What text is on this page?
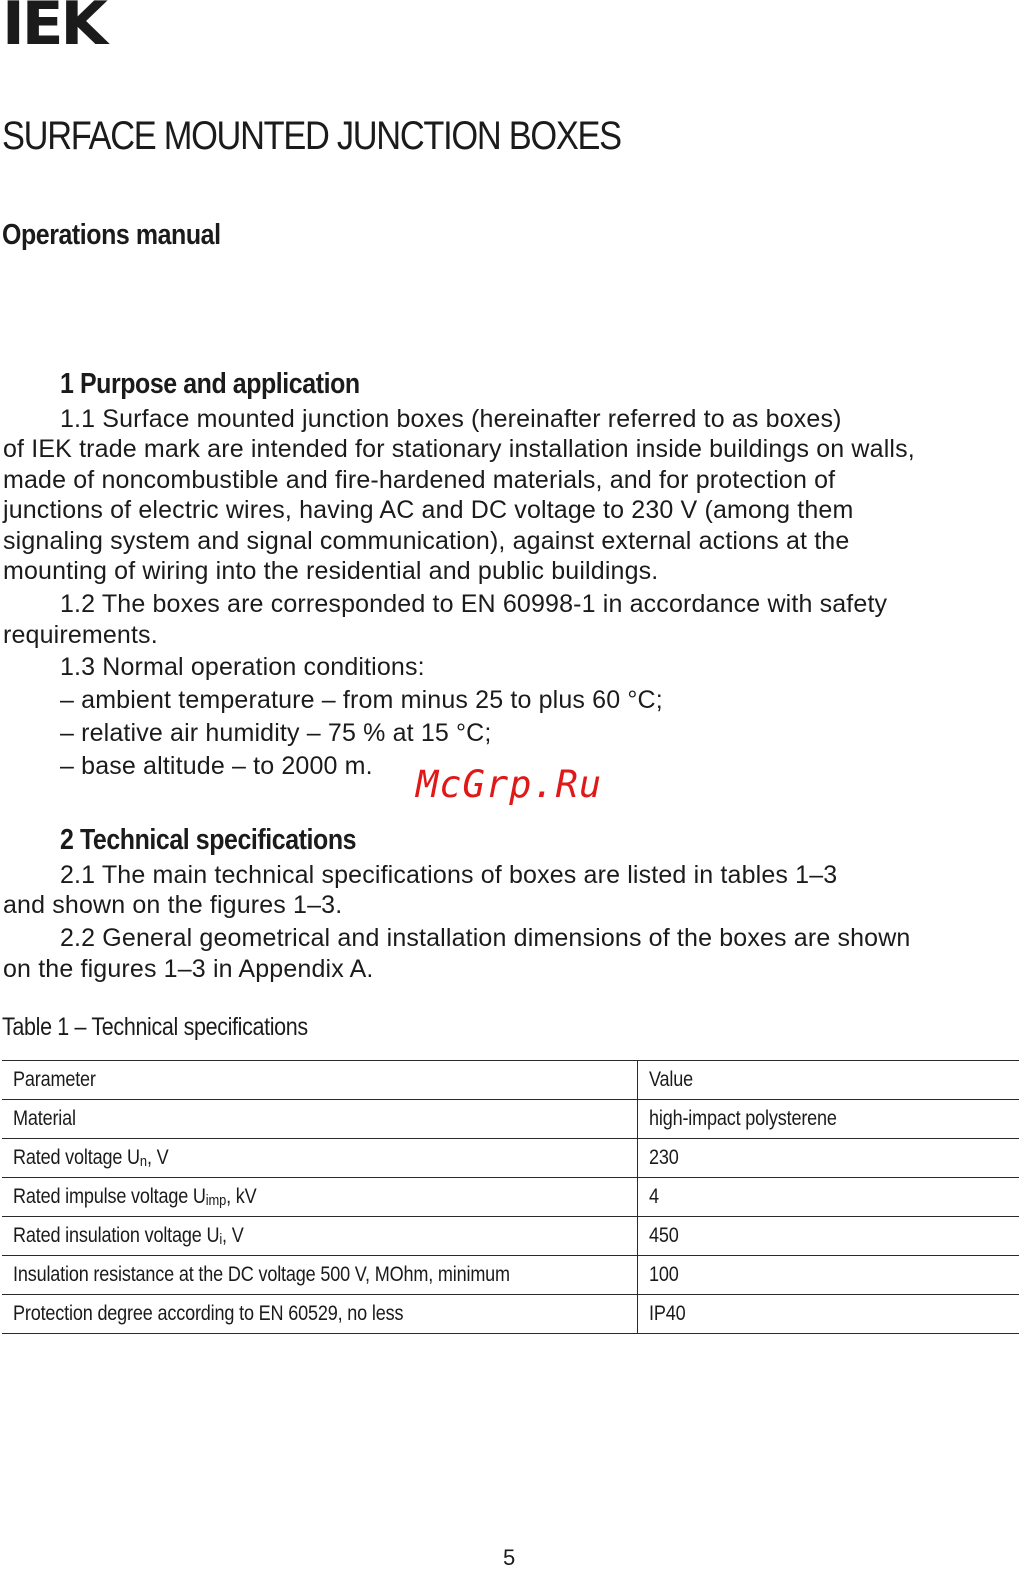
IEK
SURFACE MOUNTED JUNCTION BOXES
Operations manual
1 Purpose and application
1.1 Surface mounted junction boxes (hereinafter referred to as boxes)
of IEK trade mark are intended for stationary installation inside buildings on walls,
made of noncombustible and fire-hardened materials, and for protection of
junctions of electric wires, having AC and DC voltage to 230 V (among them
signaling system and signal communication), against external actions at the
mounting of wiring into the residential and public buildings.
1.2 The boxes are corresponded to EN 60998-1 in accordance with safety
requirements.
1.3 Normal operation conditions:
– ambient temperature – from minus 25 to plus 60 °С;
– relative air humidity – 75 % at 15 °С;
– base altitude – to 2000 m. McGrp.Ru
2 Technical specifications
2.1 The main technical specifications of boxes are listed in tables 1–3
and shown on the figures 1–3.
2.2 General geometrical and installation dimensions of the boxes are shown
on the figures 1–3 in Appendix A.
Table 1 – Technical specifications
Parameter	Value
Material	high-impact polysterene
Rated voltage $U_n$, V	230
Rated impulse voltage $U_{imp}$, kV	4
Rated insulation voltage $U_i$, V	450
Insulation resistance at the DC voltage 500 V, MOhm, minimum	100
Protection degree according to EN 60529, no less	IP40
5
